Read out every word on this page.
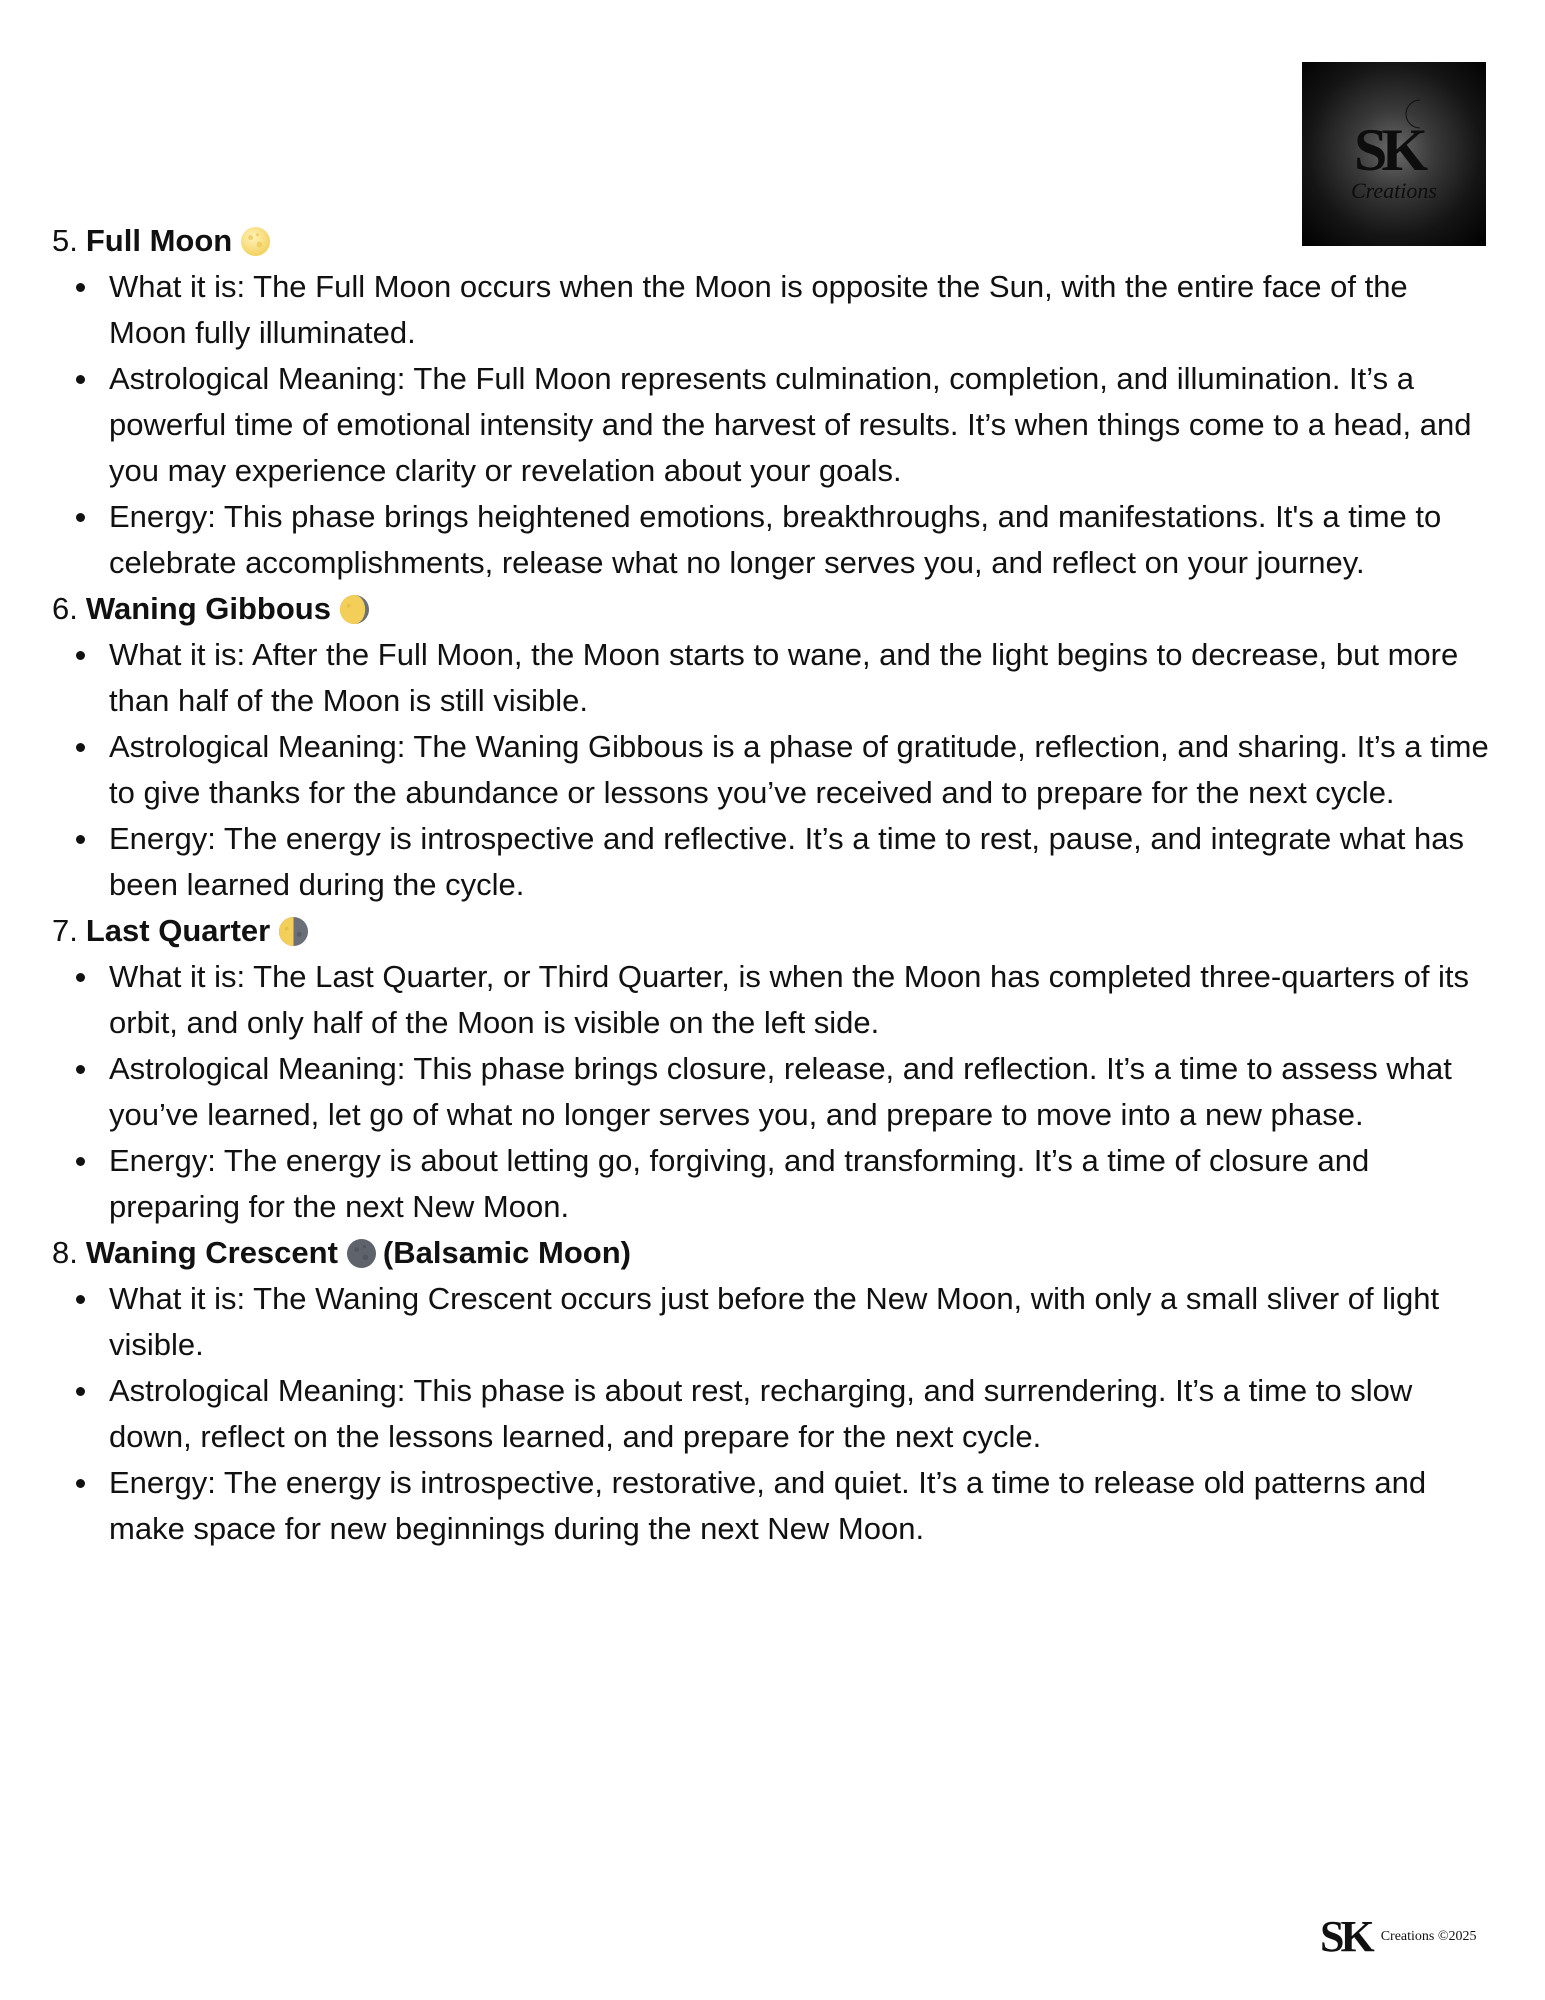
SK
Creations
5. Full Moon
What it is: The Full Moon occurs when the Moon is opposite the Sun, with the entire face of the Moon fully illuminated.
Astrological Meaning: The Full Moon represents culmination, completion, and illumination. It’s a powerful time of emotional intensity and the harvest of results. It’s when things come to a head, and you may experience clarity or revelation about your goals.
Energy: This phase brings heightened emotions, breakthroughs, and manifestations. It's a time to celebrate accomplishments, release what no longer serves you, and reflect on your journey.
6. Waning Gibbous
What it is: After the Full Moon, the Moon starts to wane, and the light begins to decrease, but more than half of the Moon is still visible.
Astrological Meaning: The Waning Gibbous is a phase of gratitude, reflection, and sharing. It’s a time to give thanks for the abundance or lessons you’ve received and to prepare for the next cycle.
Energy: The energy is introspective and reflective. It’s a time to rest, pause, and integrate what has been learned during the cycle.
7. Last Quarter
What it is: The Last Quarter, or Third Quarter, is when the Moon has completed three-quarters of its orbit, and only half of the Moon is visible on the left side.
Astrological Meaning: This phase brings closure, release, and reflection. It’s a time to assess what you’ve learned, let go of what no longer serves you, and prepare to move into a new phase.
Energy: The energy is about letting go, forgiving, and transforming. It’s a time of closure and preparing for the next New Moon.
8. Waning Crescent (Balsamic Moon)
What it is: The Waning Crescent occurs just before the New Moon, with only a small sliver of light visible.
Astrological Meaning: This phase is about rest, recharging, and surrendering. It’s a time to slow down, reflect on the lessons learned, and prepare for the next cycle.
Energy: The energy is introspective, restorative, and quiet. It’s a time to release old patterns and make space for new beginnings during the next New Moon.
SK Creations ©2025
